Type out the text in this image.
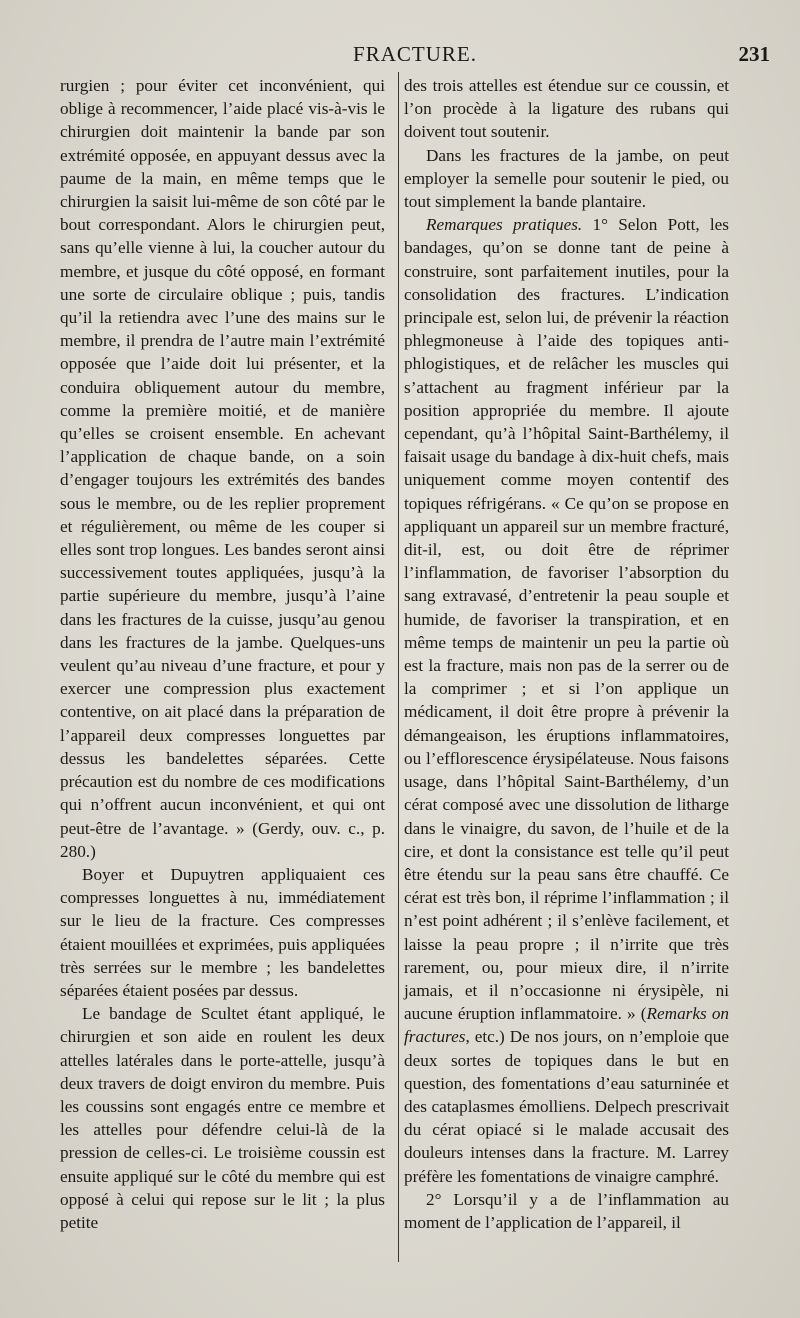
FRACTURE.	231

rurgien ; pour éviter cet inconvénient, qui oblige à recommencer, l’aide placé vis-à-vis le chirurgien doit maintenir la bande par son extrémité opposée, en appuyant dessus avec la paume de la main, en même temps que le chirurgien la saisit lui-même de son côté par le bout correspondant. Alors le chirurgien peut, sans qu’elle vienne à lui, la coucher autour du membre, et jusque du côté opposé, en formant une sorte de circulaire oblique ; puis, tandis qu’il la retiendra avec l’une des mains sur le membre, il prendra de l’autre main l’extrémité opposée que l’aide doit lui présenter, et la conduira obliquement autour du membre, comme la première moitié, et de manière qu’elles se croisent ensemble. En achevant l’application de chaque bande, on a soin d’engager toujours les extrémités des bandes sous le membre, ou de les replier proprement et régulièrement, ou même de les couper si elles sont trop longues. Les bandes seront ainsi successivement toutes appliquées, jusqu’à la partie supérieure du membre, jusqu’à l’aine dans les fractures de la cuisse, jusqu’au genou dans les fractures de la jambe. Quelques-uns veulent qu’au niveau d’une fracture, et pour y exercer une compression plus exactement contentive, on ait placé dans la préparation de l’appareil deux compresses longuettes par dessus les bandelettes séparées. Cette précaution est du nombre de ces modifications qui n’offrent aucun inconvénient, et qui ont peut-être de l’avantage. » (Gerdy, ouv. c., p. 280.)

Boyer et Dupuytren appliquaient ces compresses longuettes à nu, immédiatement sur le lieu de la fracture. Ces compresses étaient mouillées et exprimées, puis appliquées très serrées sur le membre ; les bandelettes séparées étaient posées par dessus.

Le bandage de Scultet étant appliqué, le chirurgien et son aide en roulent les deux attelles latérales dans le porte-attelle, jusqu’à deux travers de doigt environ du membre. Puis les coussins sont engagés entre ce membre et les attelles pour défendre celui-là de la pression de celles-ci. Le troisième coussin est ensuite appliqué sur le côté du membre qui est opposé à celui qui repose sur le lit ; la plus petite

des trois attelles est étendue sur ce coussin, et l’on procède à la ligature des rubans qui doivent tout soutenir.

Dans les fractures de la jambe, on peut employer la semelle pour soutenir le pied, ou tout simplement la bande plantaire.

Remarques pratiques. 1° Selon Pott, les bandages, qu’on se donne tant de peine à construire, sont parfaitement inutiles, pour la consolidation des fractures. L’indication principale est, selon lui, de prévenir la réaction phlegmoneuse à l’aide des topiques anti-phlogistiques, et de relâcher les muscles qui s’attachent au fragment inférieur par la position appropriée du membre. Il ajoute cependant, qu’à l’hôpital Saint-Barthélemy, il faisait usage du bandage à dix-huit chefs, mais uniquement comme moyen contentif des topiques réfrigérans. « Ce qu’on se propose en appliquant un appareil sur un membre fracturé, dit-il, est, ou doit être de réprimer l’inflammation, de favoriser l’absorption du sang extravasé, d’entretenir la peau souple et humide, de favoriser la transpiration, et en même temps de maintenir un peu la partie où est la fracture, mais non pas de la serrer ou de la comprimer ; et si l’on applique un médicament, il doit être propre à prévenir la démangeaison, les éruptions inflammatoires, ou l’efflorescence érysipélateuse. Nous faisons usage, dans l’hôpital Saint-Barthélemy, d’un cérat composé avec une dissolution de litharge dans le vinaigre, du savon, de l’huile et de la cire, et dont la consistance est telle qu’il peut être étendu sur la peau sans être chauffé. Ce cérat est très bon, il réprime l’inflammation ; il n’est point adhérent ; il s’enlève facilement, et laisse la peau propre ; il n’irrite que très rarement, ou, pour mieux dire, il n’irrite jamais, et il n’occasionne ni érysipèle, ni aucune éruption inflammatoire. » (Remarks on fractures, etc.) De nos jours, on n’emploie que deux sortes de topiques dans le but en question, des fomentations d’eau saturninée et des cataplasmes émolliens. Delpech prescrivait du cérat opiacé si le malade accusait des douleurs intenses dans la fracture. M. Larrey préfère les fomentations de vinaigre camphré.

2° Lorsqu’il y a de l’inflammation au moment de l’application de l’appareil, il
